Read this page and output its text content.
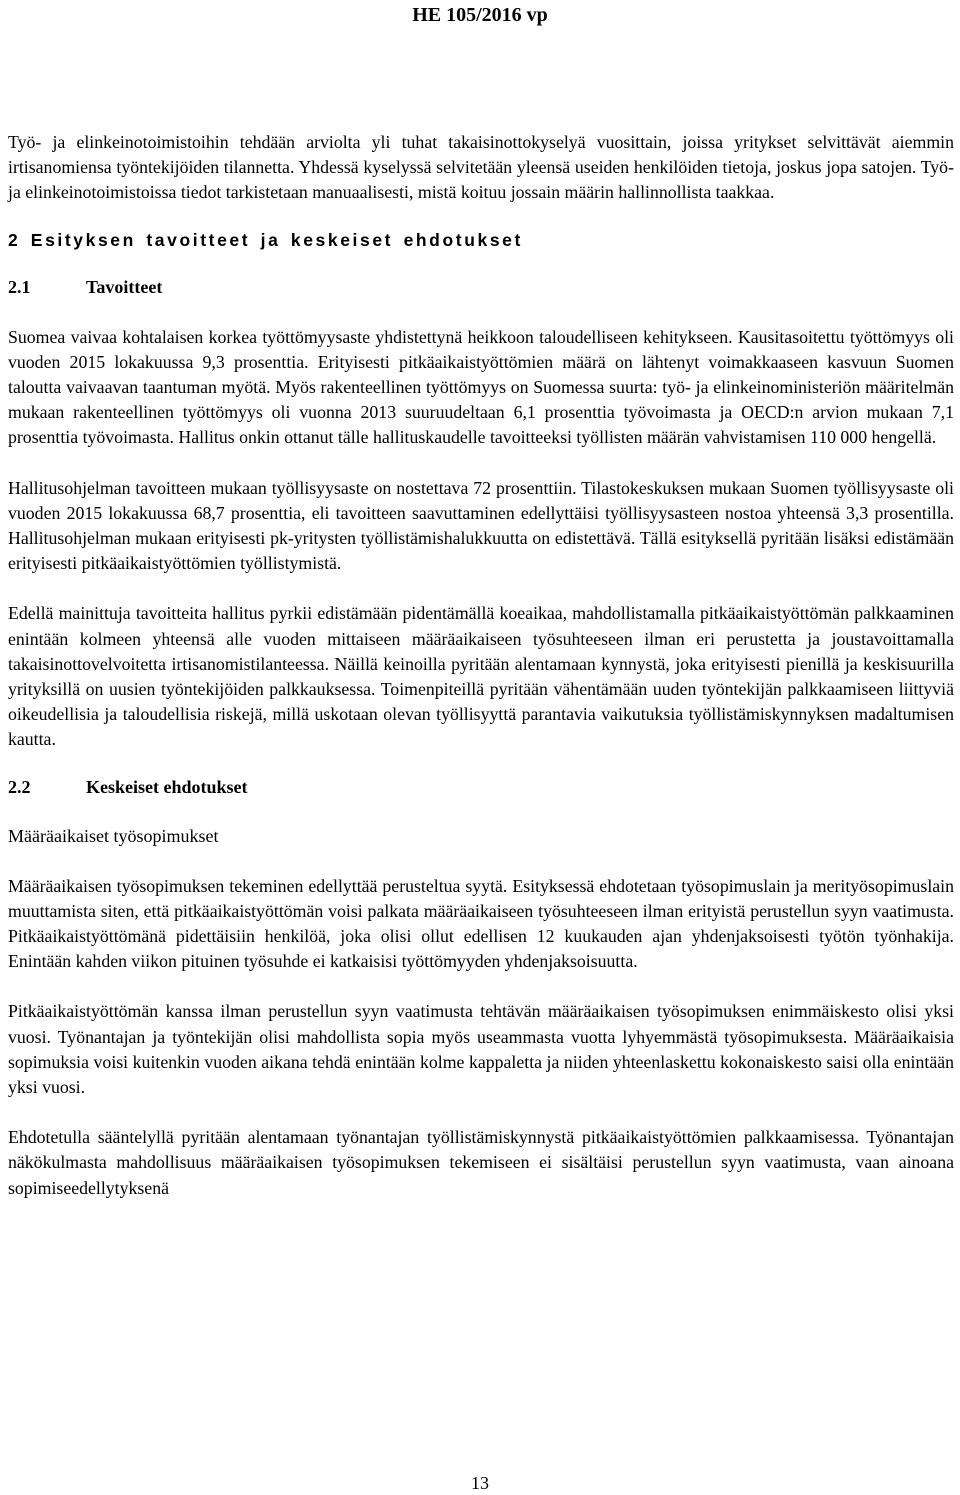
HE 105/2016 vp

Työ- ja elinkeinotoimistoihin tehdään arviolta yli tuhat takaisinottokyselyä vuosittain, joissa yritykset selvittävät aiemmin irtisanomiensa työntekijöiden tilannetta. Yhdessä kyselyssä selvitetään yleensä useiden henkilöiden tietoja, joskus jopa satojen. Työ- ja elinkeinotoimistoissa tiedot tarkistetaan manuaalisesti, mistä koituu jossain määrin hallinnollista taakkaa.

2 Esityksen tavoitteet ja keskeiset ehdotukset
2.1	Tavoitteet

Suomea vaivaa kohtalaisen korkea työttömyysaste yhdistettynä heikkoon taloudelliseen kehitykseen. Kausitasoitettu työttömyys oli vuoden 2015 lokakuussa 9,3 prosenttia. Erityisesti pitkäaikaistyöttömien määrä on lähtenyt voimakkaaseen kasvuun Suomen taloutta vaivaavan taantuman myötä. Myös rakenteellinen työttömyys on Suomessa suurta: työ- ja elinkeinoministeriön määritelmän mukaan rakenteellinen työttömyys oli vuonna 2013 suuruudeltaan 6,1 prosenttia työvoimasta ja OECD:n arvion mukaan 7,1 prosenttia työvoimasta. Hallitus onkin ottanut tälle hallituskaudelle tavoitteeksi työllisten määrän vahvistamisen 110 000 hengellä.

Hallitusohjelman tavoitteen mukaan työllisyysaste on nostettava 72 prosenttiin. Tilastokeskuksen mukaan Suomen työllisyysaste oli vuoden 2015 lokakuussa 68,7 prosenttia, eli tavoitteen saavuttaminen edellyttäisi työllisyysasteen nostoa yhteensä 3,3 prosentilla. Hallitusohjelman mukaan erityisesti pk-yritysten työllistämishalukkuutta on edistettävä. Tällä esityksellä pyritään lisäksi edistämään erityisesti pitkäaikaistyöttömien työllistymistä.

Edellä mainittuja tavoitteita hallitus pyrkii edistämään pidentämällä koeaikaa, mahdollistamalla pitkäaikaistyöttömän palkkaaminen enintään kolmeen yhteensä alle vuoden mittaiseen määräaikaiseen työsuhteeseen ilman eri perustetta ja joustavoittamalla takaisinottovelvoitetta irtisanomistilanteessa. Näillä keinoilla pyritään alentamaan kynnystä, joka erityisesti pienillä ja keskisuurilla yrityksillä on uusien työntekijöiden palkkauksessa. Toimenpiteillä pyritään vähentämään uuden työntekijän palkkaamiseen liittyviä oikeudellisia ja taloudellisia riskejä, millä uskotaan olevan työllisyyttä parantavia vaikutuksia työllistämiskynnyksen madaltumisen kautta.

2.2	Keskeiset ehdotukset
Määräaikaiset työsopimukset

Määräaikaisen työsopimuksen tekeminen edellyttää perusteltua syytä. Esityksessä ehdotetaan työsopimuslain ja merityösopimuslain muuttamista siten, että pitkäaikaistyöttömän voisi palkata määräaikaiseen työsuhteeseen ilman erityistä perustellun syyn vaatimusta. Pitkäaikaistyöttömänä pidettäisiin henkilöä, joka olisi ollut edellisen 12 kuukauden ajan yhdenjaksoisesti työtön työnhakija. Enintään kahden viikon pituinen työsuhde ei katkaisisi työttömyyden yhdenjaksoisuutta.

Pitkäaikaistyöttömän kanssa ilman perustellun syyn vaatimusta tehtävän määräaikaisen työsopimuksen enimmäiskesto olisi yksi vuosi. Työnantajan ja työntekijän olisi mahdollista sopia myös useammasta vuotta lyhyemmästä työsopimuksesta. Määräaikaisia sopimuksia voisi kuitenkin vuoden aikana tehdä enintään kolme kappaletta ja niiden yhteenlaskettu kokonaiskesto saisi olla enintään yksi vuosi.

Ehdotetulla sääntelyllä pyritään alentamaan työnantajan työllistämiskynnystä pitkäaikaistyöttömien palkkaamisessa. Työnantajan näkökulmasta mahdollisuus määräaikaisen työsopimuksen tekemiseen ei sisältäisi perustellun syyn vaatimusta, vaan ainoana sopimiseedellytyksenä

13
